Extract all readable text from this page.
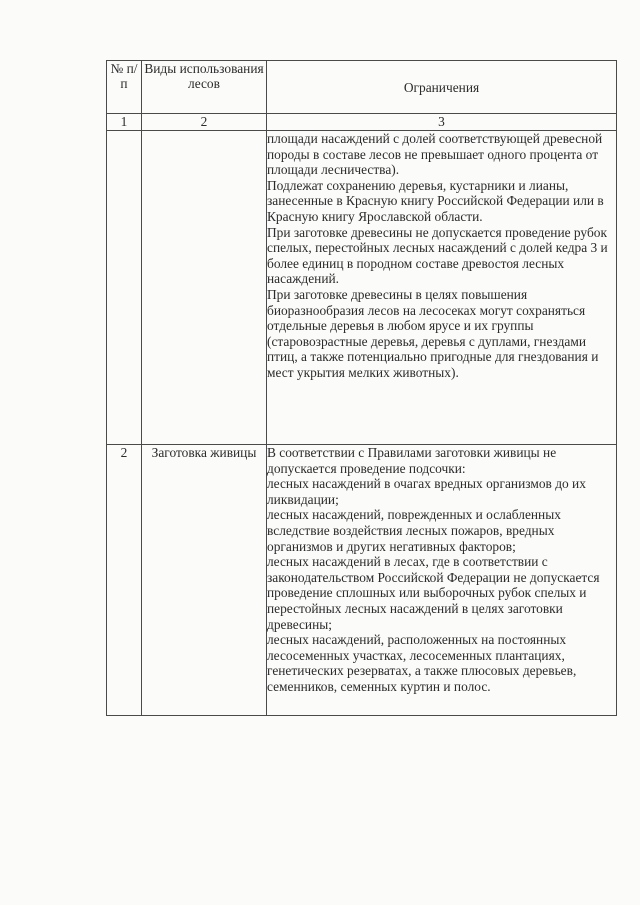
№ п/п	Виды использования лесов	Ограничения
1	2	3

		площади насаждений с долей соответствующей древесной породы в составе лесов не превышает одного процента от площади лесничества).
Подлежат сохранению деревья, кустарники и лианы, занесенные в Красную книгу Российской Федерации или в Красную книгу Ярославской области.
При заготовке древесины не допускается проведение рубок спелых, перестойных лесных насаждений с долей кедра 3 и более единиц в породном составе древостоя лесных насаждений.
При заготовке древесины в целях повышения биоразнообразия лесов на лесосеках могут сохраняться отдельные деревья в любом ярусе и их группы (старовозрастные деревья, деревья с дуплами, гнездами птиц, а также потенциально пригодные для гнездования и мест укрытия мелких животных).

2	Заготовка живицы	В соответствии с Правилами заготовки живицы не допускается проведение подсочки:
лесных насаждений в очагах вредных организмов до их ликвидации;
лесных насаждений, поврежденных и ослабленных вследствие воздействия лесных пожаров, вредных организмов и других негативных факторов;
лесных насаждений в лесах, где в соответствии с законодательством Российской Федерации не допускается проведение сплошных или выборочных рубок спелых и перестойных лесных насаждений в целях заготовки древесины;
лесных насаждений, расположенных на постоянных лесосеменных участках, лесосеменных плантациях, генетических резерватах, а также плюсовых деревьев, семенников, семенных куртин и полос.
